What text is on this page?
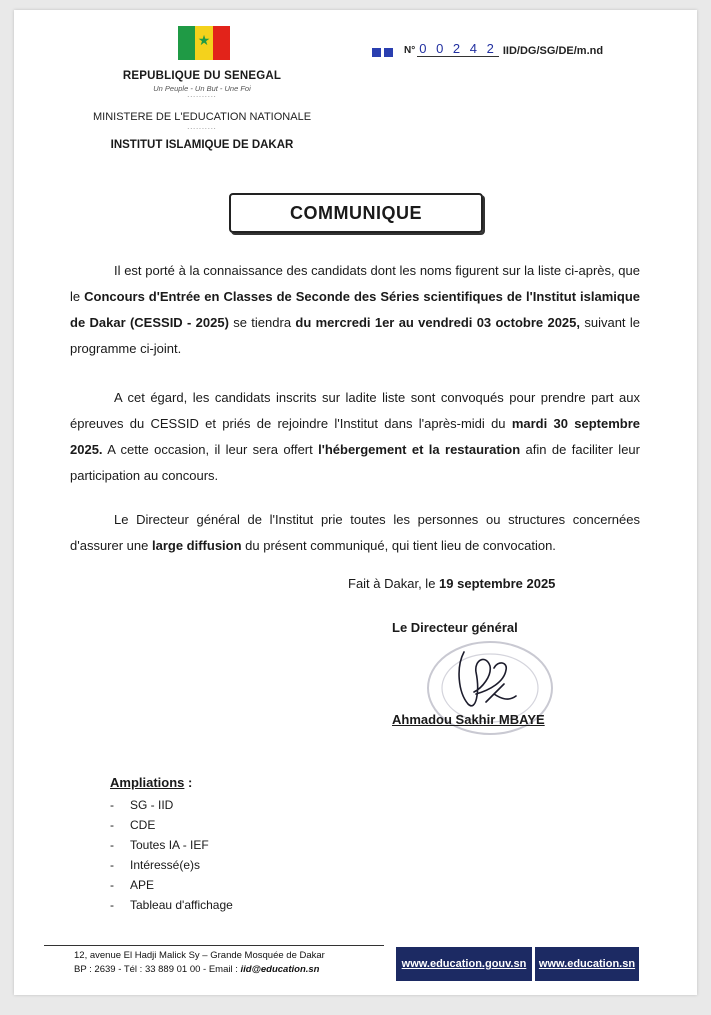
★
REPUBLIQUE DU SENEGAL
Un Peuple - Un But - Une Foi
..........
MINISTERE DE L'EDUCATION NATIONALE
..........
INSTITUT ISLAMIQUE DE DAKAR
N° 0 0 2 4 2 IID/DG/SG/DE/m.nd
COMMUNIQUE
Il est porté à la connaissance des candidats dont les noms figurent sur la liste ci-après, que le Concours d'Entrée en Classes de Seconde des Séries scientifiques de l'Institut islamique de Dakar (CESSID - 2025) se tiendra du mercredi 1er au vendredi 03 octobre 2025, suivant le programme ci-joint.
A cet égard, les candidats inscrits sur ladite liste sont convoqués pour prendre part aux épreuves du CESSID et priés de rejoindre l'Institut dans l'après-midi du mardi 30 septembre 2025. A cette occasion, il leur sera offert l'hébergement et la restauration afin de faciliter leur participation au concours.
Le Directeur général de l'Institut prie toutes les personnes ou structures concernées d'assurer une large diffusion du présent communiqué, qui tient lieu de convocation.
Fait à Dakar, le 19 septembre 2025
Le Directeur général
Ahmadou Sakhir MBAYE
Ampliations :
-	SG - IID
-	CDE
-	Toutes IA - IEF
-	Intéressé(e)s
-	APE
-	Tableau d'affichage
12, avenue El Hadji Malick Sy – Grande Mosquée de Dakar
BP : 2639 - Tél : 33 889 01 00 - Email : iid@education.sn	www.education.gouv.sn	www.education.sn
